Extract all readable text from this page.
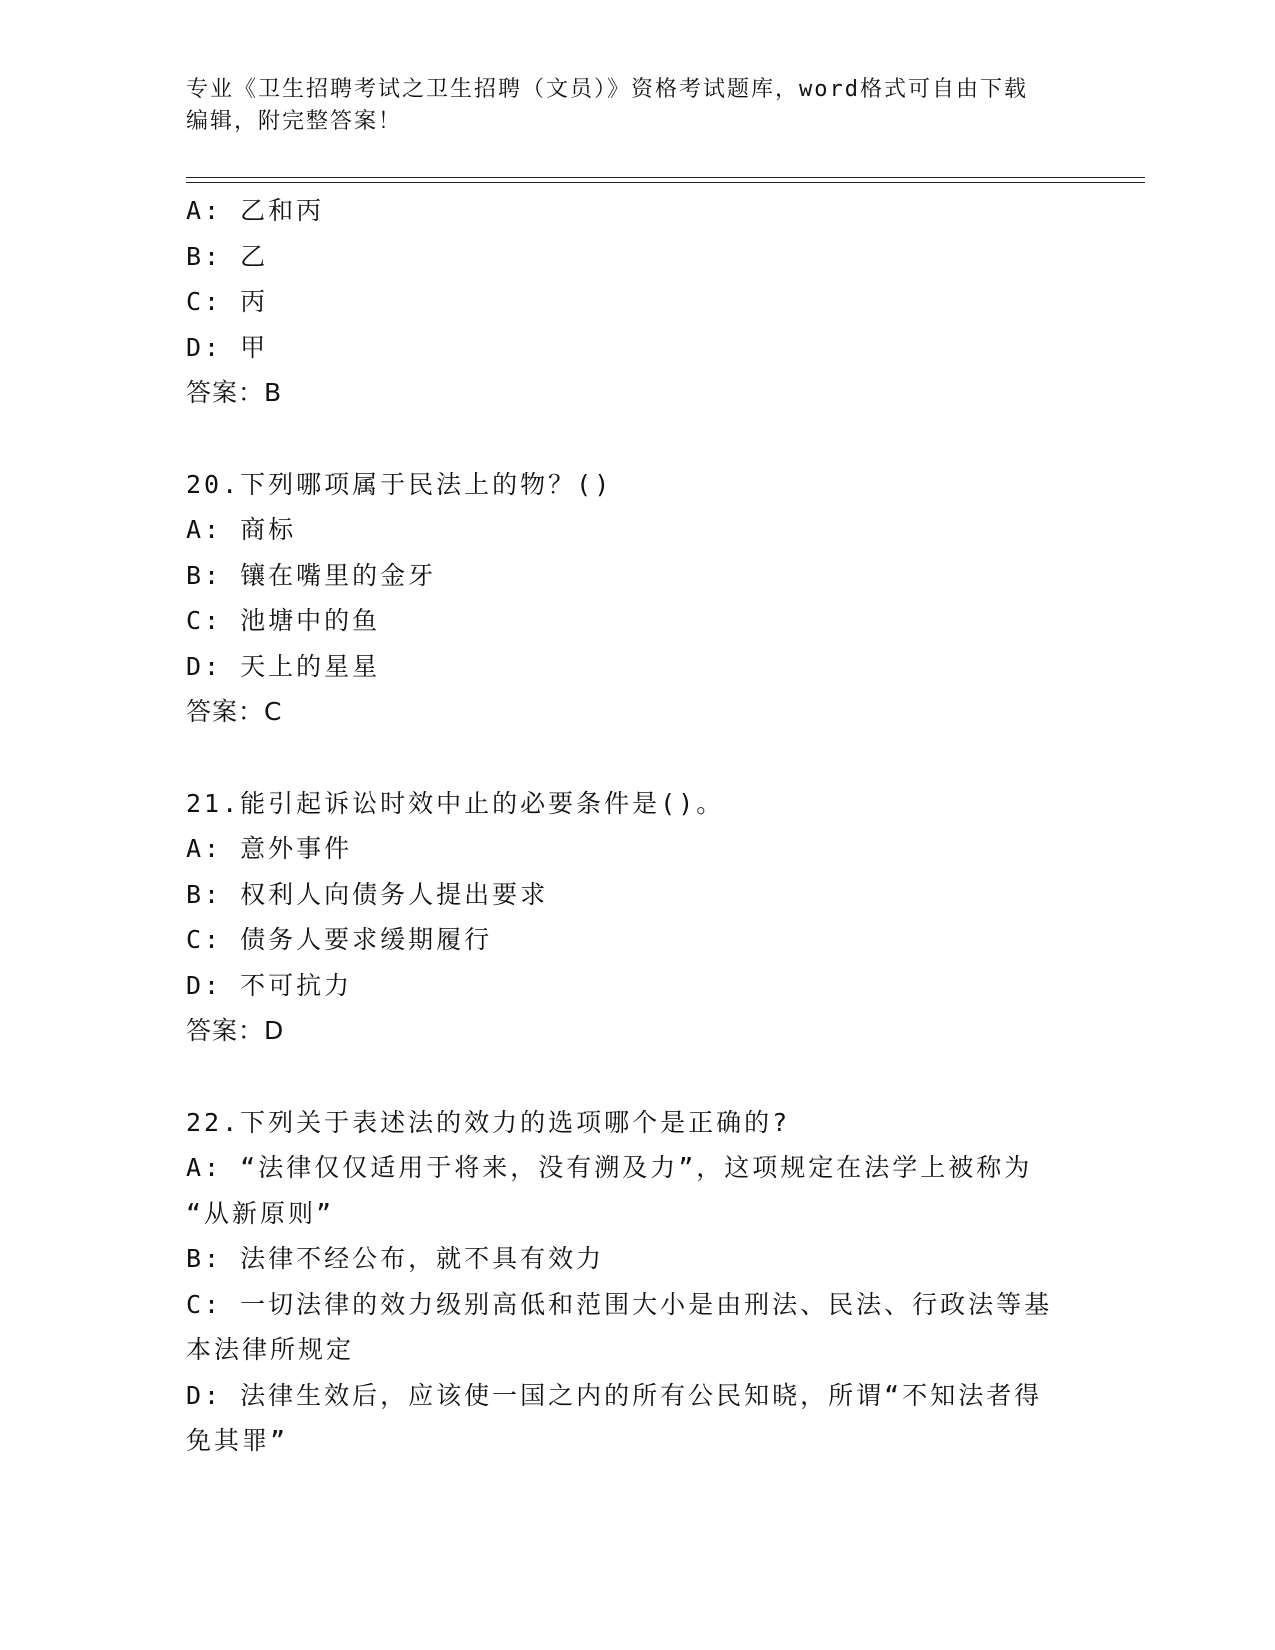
专业《卫生招聘考试之卫生招聘（文员）》资格考试题库，word格式可自由下载
编辑，附完整答案！
A: 乙和丙
B: 乙
C: 丙
D: 甲
答案：B
20.下列哪项属于民法上的物？()
A: 商标
B: 镶在嘴里的金牙
C: 池塘中的鱼
D: 天上的星星
答案：C
21.能引起诉讼时效中止的必要条件是()。
A: 意外事件
B: 权利人向债务人提出要求
C: 债务人要求缓期履行
D: 不可抗力
答案：D
22.下列关于表述法的效力的选项哪个是正确的?
A: “法律仅仅适用于将来，没有溯及力”，这项规定在法学上被称为
“从新原则”
B: 法律不经公布，就不具有效力
C: 一切法律的效力级别高低和范围大小是由刑法、民法、行政法等基
本法律所规定
D: 法律生效后，应该使一国之内的所有公民知晓，所谓“不知法者得
免其罪”
